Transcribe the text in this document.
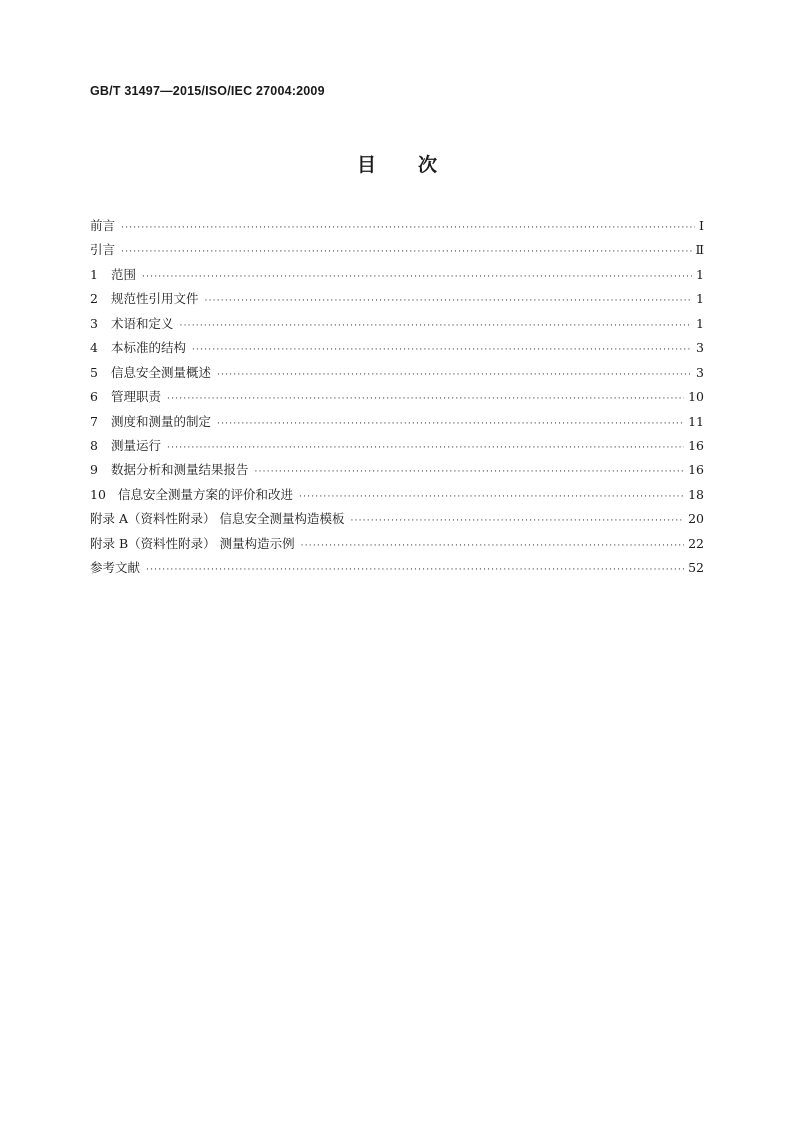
GB/T 31497—2015/ISO/IEC 27004:2009
目次
前言 ·····	Ⅰ
引言 ·····	Ⅱ
1 范围 ·····	1
2 规范性引用文件 ·····	1
3 术语和定义 ·····	1
4 本标准的结构 ·····	3
5 信息安全测量概述 ·····	3
6 管理职责 ·····	10
7 测度和测量的制定 ·····	11
8 测量运行 ·····	16
9 数据分析和测量结果报告 ·····	16
10 信息安全测量方案的评价和改进 ·····	18
附录 A（资料性附录） 信息安全测量构造模板 ·····	20
附录 B（资料性附录） 测量构造示例 ·····	22
参考文献 ·····	52
